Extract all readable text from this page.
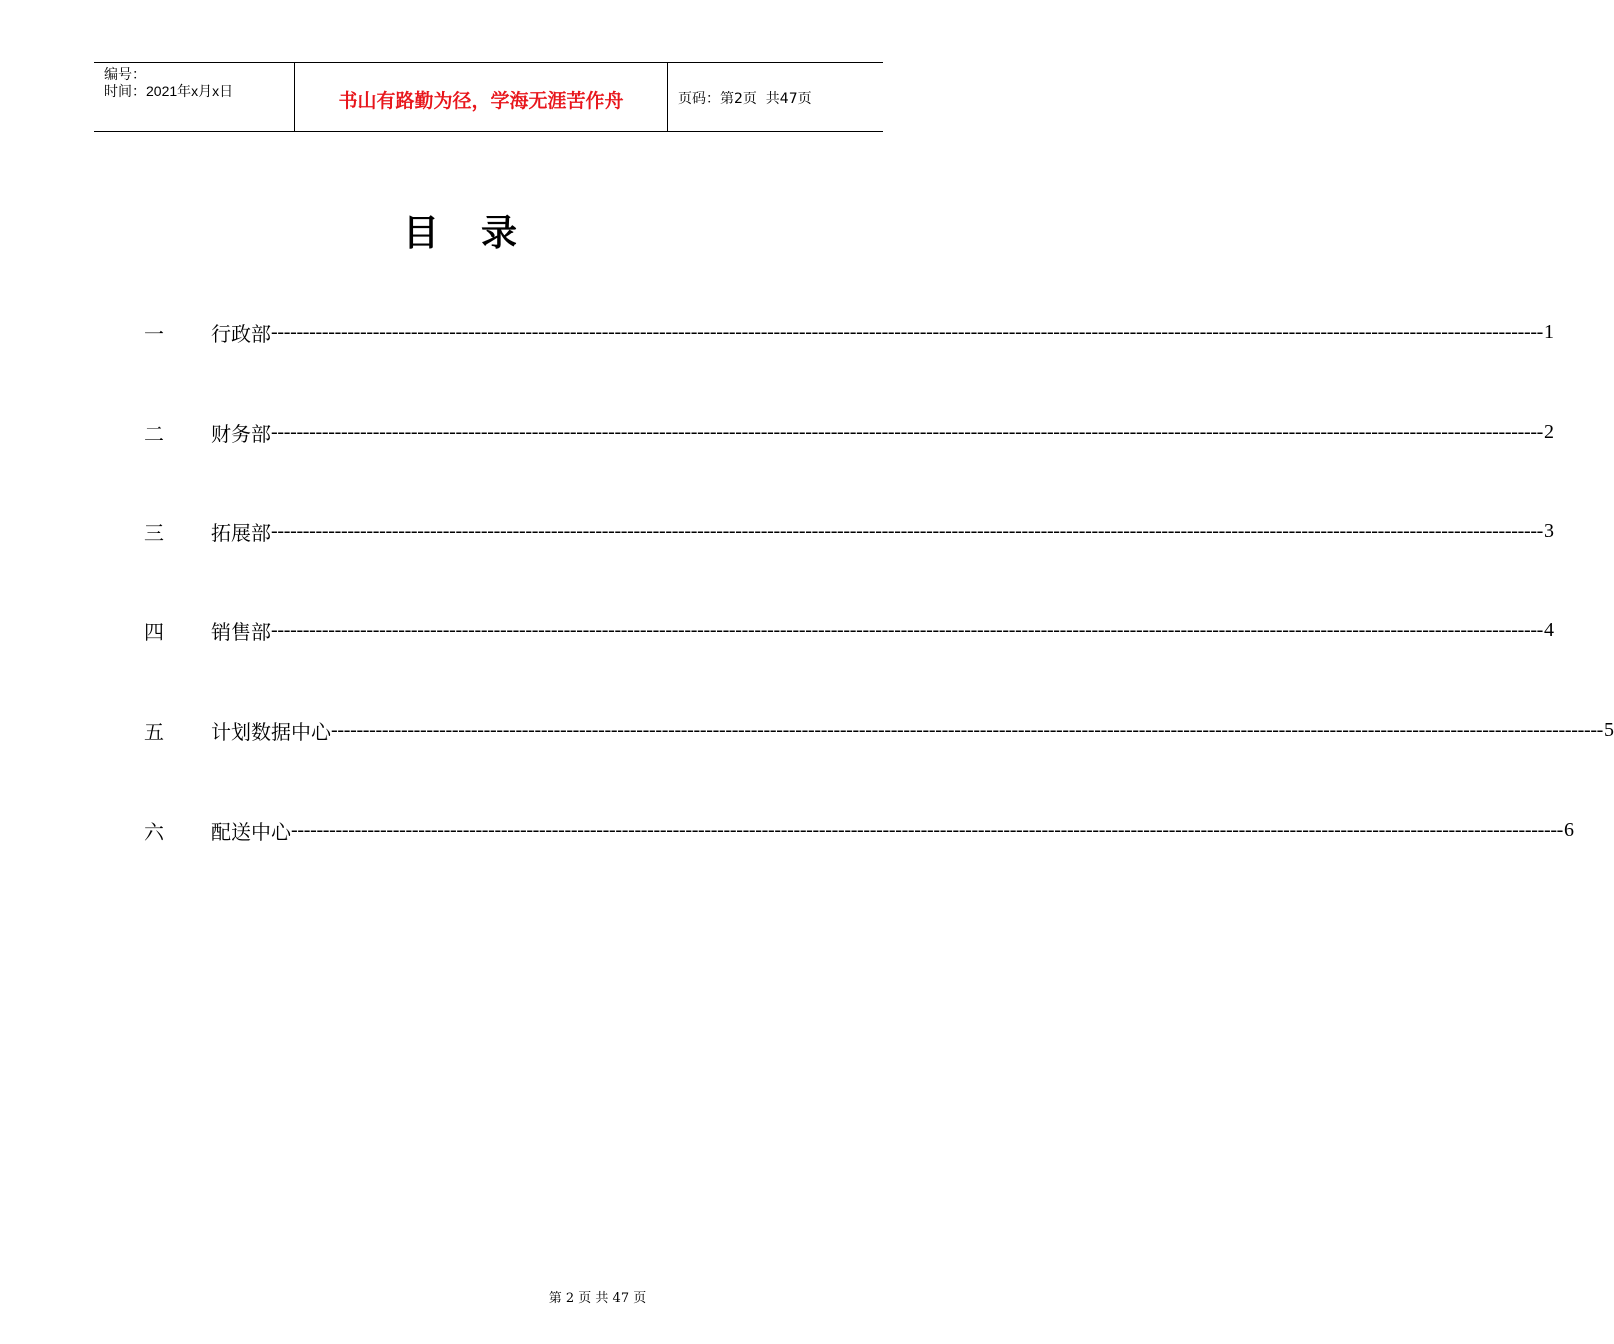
编号：
时间：2021年x月x日	书山有路勤为径，学海无涯苦作舟	页码：第2页  共47页
目录
一	行政部 -------------------------------------------------------------------------------------------------------------------------------------------------------------------------------------------------------- 1
二	财务部 -------------------------------------------------------------------------------------------------------------------------------------------------------------------------------------------------------- 2
三	拓展部 -------------------------------------------------------------------------------------------------------------------------------------------------------------------------------------------------------- 3
四	销售部 -------------------------------------------------------------------------------------------------------------------------------------------------------------------------------------------------------- 4
五	计划数据中心 -------------------------------------------------------------------------------------------------------------------------------------------------------------------------------------------------------- 5
六	配送中心 -------------------------------------------------------------------------------------------------------------------------------------------------------------------------------------------------------- 6
第 2 页 共 47 页
